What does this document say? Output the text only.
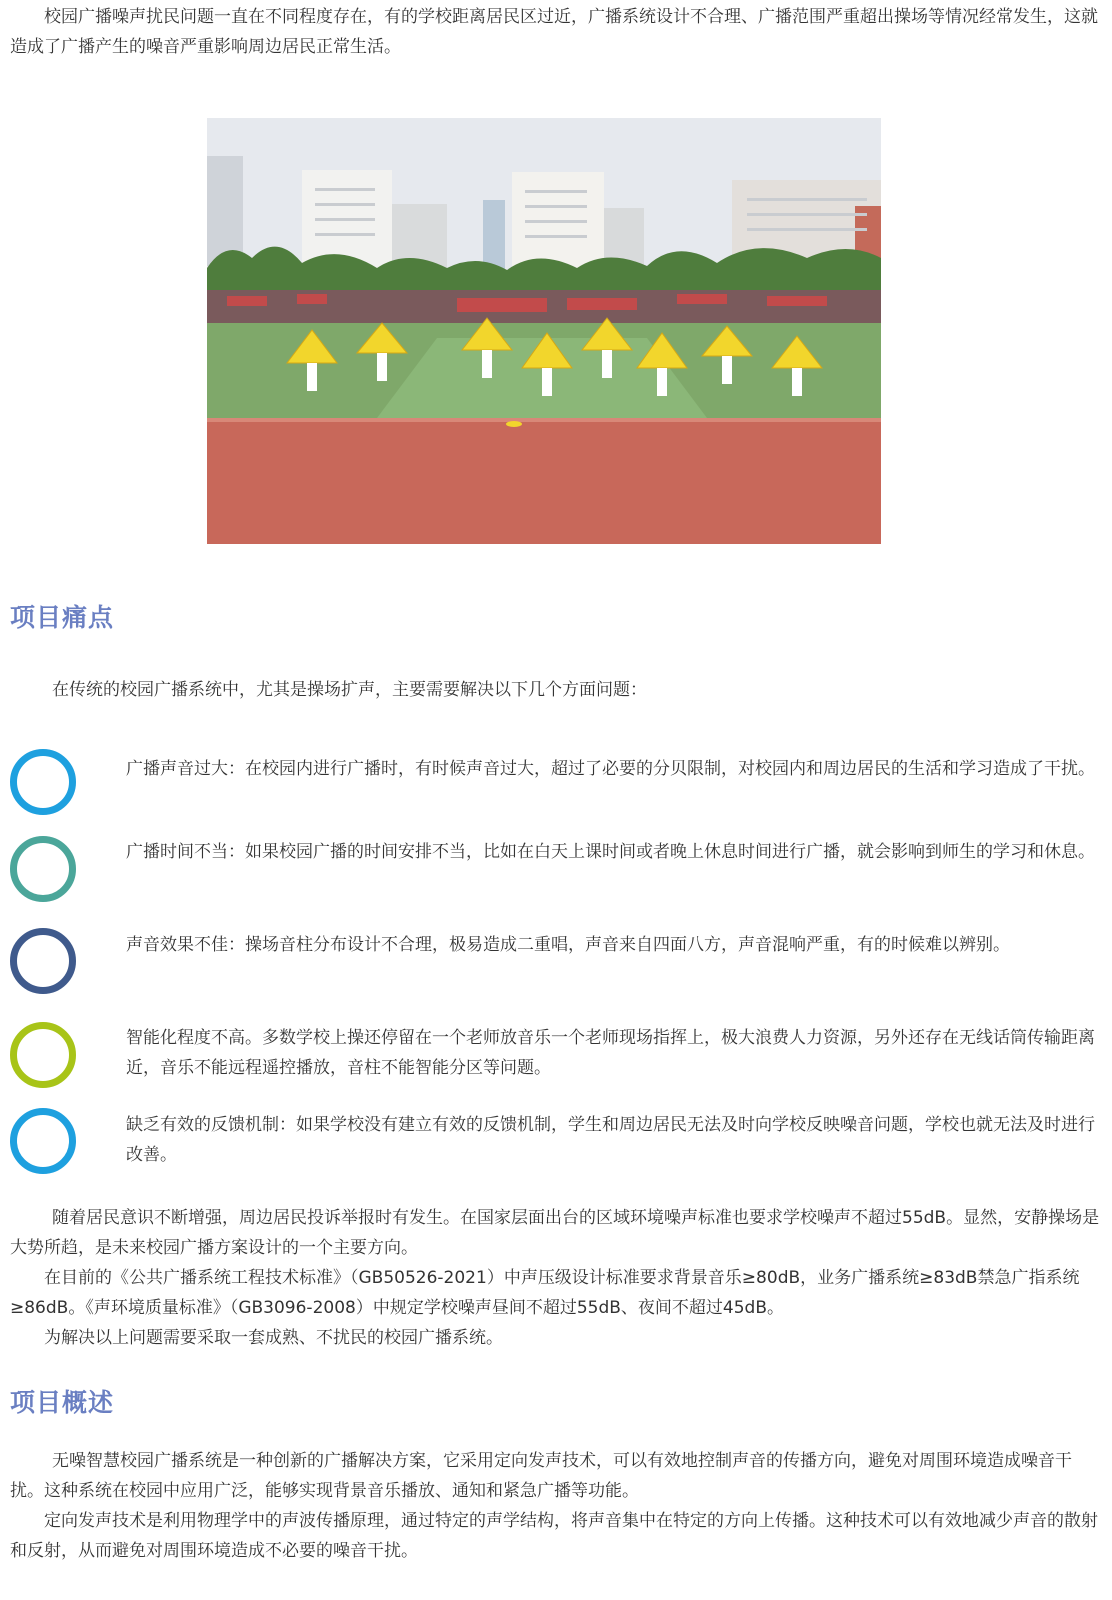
校园广播噪声扰民问题一直在不同程度存在，有的学校距离居民区过近，广播系统设计不合理、广播范围严重超出操场等情况经常发生，这就造成了广播产生的噪音严重影响周边居民正常生活。

项目痛点

在传统的校园广播系统中，尤其是操场扩声，主要需要解决以下几个方面问题：

广播声音过大：在校园内进行广播时，有时候声音过大，超过了必要的分贝限制，对校园内和周边居民的生活和学习造成了干扰。

广播时间不当：如果校园广播的时间安排不当，比如在白天上课时间或者晚上休息时间进行广播，就会影响到师生的学习和休息。

声音效果不佳：操场音柱分布设计不合理，极易造成二重唱，声音来自四面八方，声音混响严重，有的时候难以辨别。

智能化程度不高。多数学校上操还停留在一个老师放音乐一个老师现场指挥上，极大浪费人力资源，另外还存在无线话筒传输距离近，音乐不能远程遥控播放，音柱不能智能分区等问题。

缺乏有效的反馈机制：如果学校没有建立有效的反馈机制，学生和周边居民无法及时向学校反映噪音问题，学校也就无法及时进行改善。

随着居民意识不断增强，周边居民投诉举报时有发生。在国家层面出台的区域环境噪声标准也要求学校噪声不超过55dB。显然，安静操场是大势所趋，是未来校园广播方案设计的一个主要方向。

在目前的《公共广播系统工程技术标准》（GB50526-2021）中声压级设计标准要求背景音乐≥80dB，业务广播系统≥83dB禁急广指系统≥86dB。《声环境质量标准》（GB3096-2008）中规定学校噪声昼间不超过55dB、夜间不超过45dB。

为解决以上问题需要采取一套成熟、不扰民的校园广播系统。

项目概述

无噪智慧校园广播系统是一种创新的广播解决方案，它采用定向发声技术，可以有效地控制声音的传播方向，避免对周围环境造成噪音干扰。这种系统在校园中应用广泛，能够实现背景音乐播放、通知和紧急广播等功能。

定向发声技术是利用物理学中的声波传播原理，通过特定的声学结构，将声音集中在特定的方向上传播。这种技术可以有效地减少声音的散射和反射，从而避免对周围环境造成不必要的噪音干扰。
